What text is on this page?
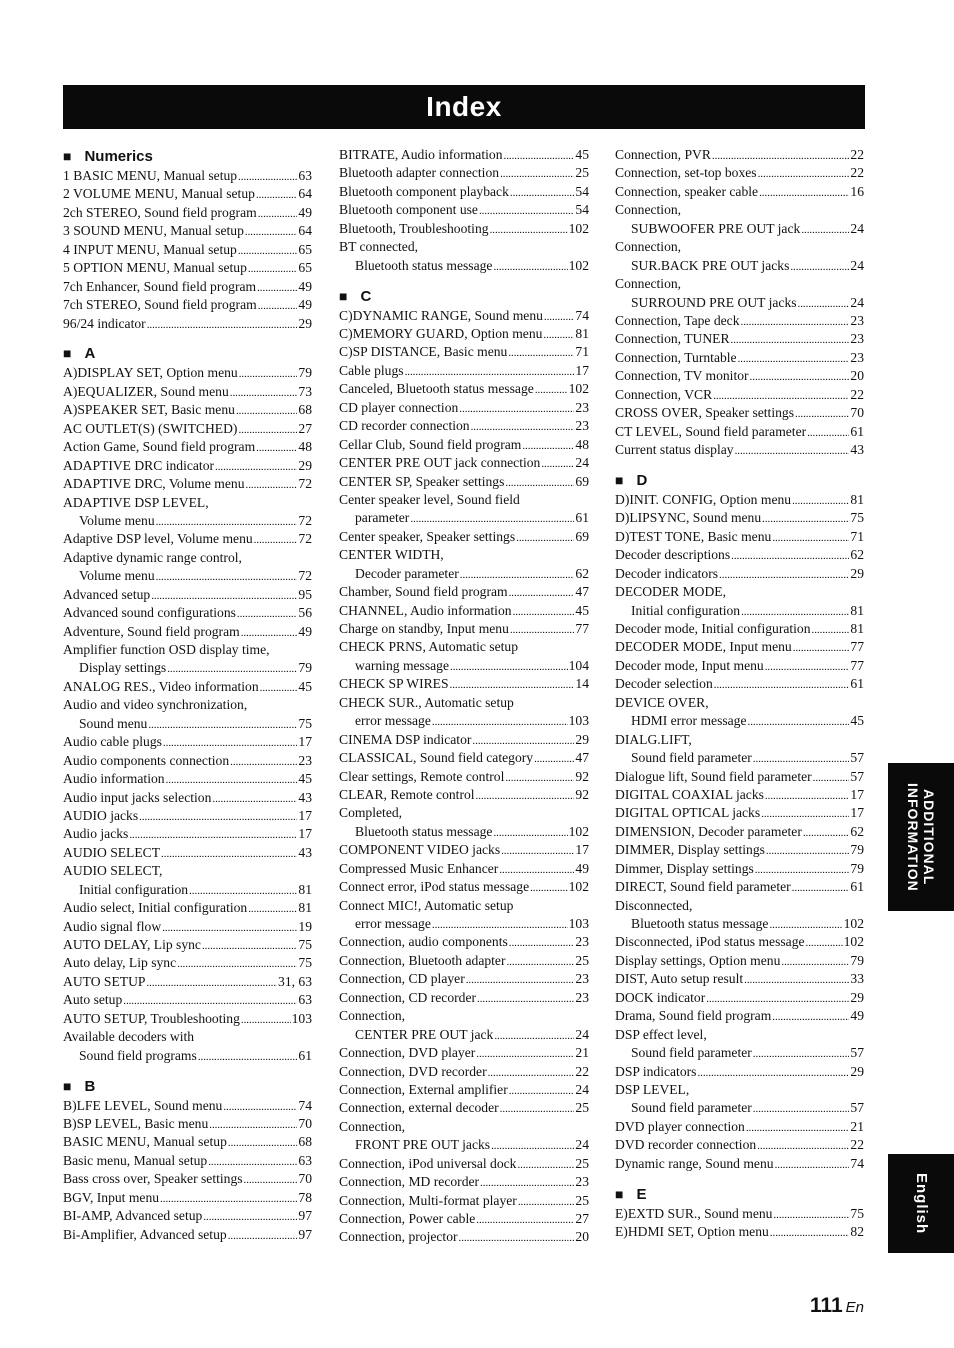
Index
■ Numerics
1 BASIC MENU, Manual setup . . .	63
2 VOLUME MENU, Manual setup . . .	64
2ch STEREO, Sound field program . . .	49
3 SOUND MENU, Manual setup . . .	64
4 INPUT MENU, Manual setup . . .	65
5 OPTION MENU, Manual setup . . .	65
7ch Enhancer, Sound field program . . .	49
7ch STEREO, Sound field program . . .	49
96/24 indicator . . .	29
■ A
A)DISPLAY SET, Option menu . . .	79
A)EQUALIZER, Sound menu . . .	73
A)SPEAKER SET, Basic menu . . .	68
AC OUTLET(S) (SWITCHED) . . .	27
Action Game, Sound field program . . .	48
ADAPTIVE DRC indicator . . .	29
ADAPTIVE DRC, Volume menu . . .	72
ADAPTIVE DSP LEVEL,
Volume menu . . .	72
Adaptive DSP level, Volume menu . . .	72
Adaptive dynamic range control,
Volume menu . . .	72
Advanced setup . . .	95
Advanced sound configurations . . .	56
Adventure, Sound field program . . .	49
Amplifier function OSD display time,
Display settings . . .	79
ANALOG RES., Video information . . .	45
Audio and video synchronization,
Sound menu . . .	75
Audio cable plugs . . .	17
Audio components connection . . .	23
Audio information . . .	45
Audio input jacks selection . . .	43
AUDIO jacks . . .	17
Audio jacks . . .	17
AUDIO SELECT . . .	43
AUDIO SELECT,
Initial configuration . . .	81
Audio select, Initial configuration . . .	81
Audio signal flow . . .	19
AUTO DELAY, Lip sync . . .	75
Auto delay, Lip sync . . .	75
AUTO SETUP . . .	31, 63
Auto setup . . .	63
AUTO SETUP, Troubleshooting . . .	103
Available decoders with
Sound field programs . . .	61
■ B
B)LFE LEVEL, Sound menu . . .	74
B)SP LEVEL, Basic menu . . .	70
BASIC MENU, Manual setup . . .	68
Basic menu, Manual setup . . .	63
Bass cross over, Speaker settings . . .	70
BGV, Input menu . . .	78
BI-AMP, Advanced setup . . .	97
Bi-Amplifier, Advanced setup . . .	97
BITRATE, Audio information . . .	45
Bluetooth adapter connection . . .	25
Bluetooth component playback . . .	54
Bluetooth component use . . .	54
Bluetooth, Troubleshooting . . .	102
BT connected,
Bluetooth status message . . .	102
■ C
C)DYNAMIC RANGE, Sound menu . . . 74
C)MEMORY GUARD, Option menu . . . 81
C)SP DISTANCE, Basic menu . . .	71
Cable plugs . . .	17
Canceled, Bluetooth status message . . .	102
CD player connection . . .	23
CD recorder connection . . .	23
Cellar Club, Sound field program . . .	48
CENTER PRE OUT jack connection . . .	24
CENTER SP, Speaker settings . . .	69
Center speaker level, Sound field
parameter . . .	61
Center speaker, Speaker settings . . .	69
CENTER WIDTH,
Decoder parameter . . .	62
Chamber, Sound field program . . .	47
CHANNEL, Audio information . . .	45
Charge on standby, Input menu . . .	77
CHECK PRNS, Automatic setup
warning message . . .	104
CHECK SP WIRES . . .	14
CHECK SUR., Automatic setup
error message . . .	103
CINEMA DSP indicator . . .	29
CLASSICAL, Sound field category . . .	47
Clear settings, Remote control . . .	92
CLEAR, Remote control . . .	92
Completed,
Bluetooth status message . . .	102
COMPONENT VIDEO jacks . . .	17
Compressed Music Enhancer . . .	49
Connect error, iPod status message . . .	102
Connect MIC!, Automatic setup
error message . . .	103
Connection, audio components . . .	23
Connection, Bluetooth adapter . . .	25
Connection, CD player . . .	23
Connection, CD recorder . . .	23
Connection,
CENTER PRE OUT jack . . .	24
Connection, DVD player . . .	21
Connection, DVD recorder . . .	22
Connection, External amplifier . . .	24
Connection, external decoder . . .	25
Connection,
FRONT PRE OUT jacks . . .	24
Connection, iPod universal dock . . .	25
Connection, MD recorder . . .	23
Connection, Multi-format player . . .	25
Connection, Power cable . . .	27
Connection, projector . . .	20
Connection, PVR . . .	22
Connection, set-top boxes . . .	22
Connection, speaker cable . . .	16
Connection,
SUBWOOFER PRE OUT jack . . .	24
Connection,
SUR.BACK PRE OUT jacks . . .	24
Connection,
SURROUND PRE OUT jacks . . .	24
Connection, Tape deck . . .	23
Connection, TUNER . . .	23
Connection, Turntable . . .	23
Connection, TV monitor . . .	20
Connection, VCR . . .	22
CROSS OVER, Speaker settings . . .	70
CT LEVEL, Sound field parameter . . .	61
Current status display . . .	43
■ D
D)INIT. CONFIG, Option menu . . .	81
D)LIPSYNC, Sound menu . . .	75
D)TEST TONE, Basic menu . . .	71
Decoder descriptions . . .	62
Decoder indicators . . .	29
DECODER MODE,
Initial configuration . . .	81
Decoder mode, Initial configuration . . .	81
DECODER MODE, Input menu . . .	77
Decoder mode, Input menu . . .	77
Decoder selection . . .	61
DEVICE OVER,
HDMI error message . . .	45
DIALG.LIFT,
Sound field parameter . . .	57
Dialogue lift, Sound field parameter . . .	57
DIGITAL COAXIAL jacks . . .	17
DIGITAL OPTICAL jacks . . .	17
DIMENSION, Decoder parameter . . .	62
DIMMER, Display settings . . .	79
Dimmer, Display settings . . .	79
DIRECT, Sound field parameter . . .	61
Disconnected,
Bluetooth status message . . .	102
Disconnected, iPod status message . . .	102
Display settings, Option menu . . .	79
DIST, Auto setup result . . .	33
DOCK indicator . . .	29
Drama, Sound field program . . .	49
DSP effect level,
Sound field parameter . . .	57
DSP indicators . . .	29
DSP LEVEL,
Sound field parameter . . .	57
DVD player connection . . .	21
DVD recorder connection . . .	22
Dynamic range, Sound menu . . .	74
■ E
E)EXTD SUR., Sound menu . . .	75
E)HDMI SET, Option menu . . .	82
ADDITIONAL
INFORMATION
English
111 En
